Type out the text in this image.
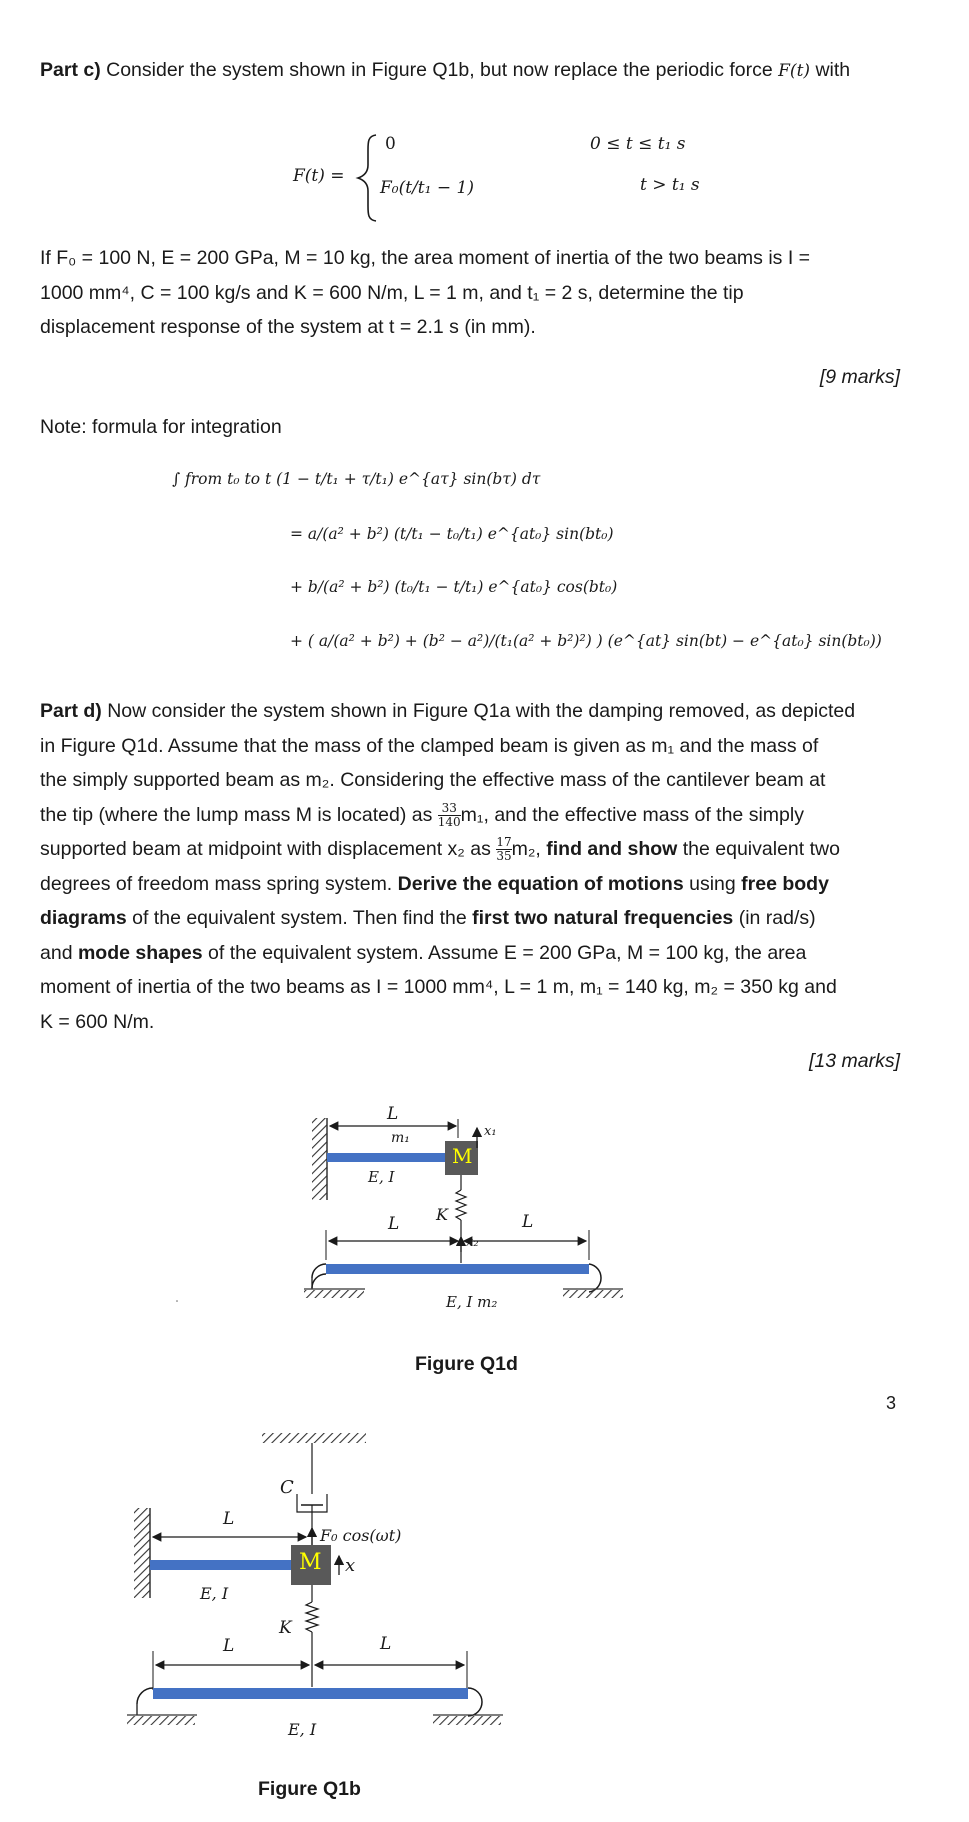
Part c) Consider the system shown in Figure Q1b, but now replace the periodic force F(t) with
F(t) =
0
F₀(t/t₁ − 1)
0 ≤ t ≤ t₁ s
t > t₁ s
If F₀ = 100 N, E = 200 GPa, M = 10 kg, the area moment of inertia of the two beams is I =
1000 mm⁴, C = 100 kg/s and K = 600 N/m, L = 1 m, and t₁ = 2 s, determine the tip
displacement response of the system at t = 2.1 s (in mm).
[9 marks]
Note: formula for integration
∫ from t₀ to t (1 − t/t₁ + τ/t₁) e^{aτ} sin(bτ) dτ
= a/(a² + b²) (t/t₁ − t₀/t₁) e^{at₀} sin(bt₀)
+ b/(a² + b²) (t₀/t₁ − t/t₁) e^{at₀} cos(bt₀)
+ ( a/(a² + b²) + (b² − a²)/(t₁(a² + b²)²) ) (e^{at} sin(bt) − e^{at₀} sin(bt₀))
Part d) Now consider the system shown in Figure Q1a with the damping removed, as depicted
in Figure Q1d. Assume that the mass of the clamped beam is given as m₁ and the mass of
the simply supported beam as m₂. Considering the effective mass of the cantilever beam at
the tip (where the lump mass M is located) as $\frac{33}{140} m_1$, and the effective mass of the simply
supported beam at midpoint with displacement x₂ as $\frac{17}{35} m_2$, find and show the equivalent two
degrees of freedom mass spring system. Derive the equation of motions using free body
diagrams of the equivalent system. Then find the first two natural frequencies (in rad/s)
and mode shapes of the equivalent system. Assume E = 200 GPa, M = 100 kg, the area
moment of inertia of the two beams as I = 1000 mm⁴, L = 1 m, m₁ = 140 kg, m₂ = 350 kg and
K = 600 N/m.
[13 marks]
L
m₁
M
x₁
E, I
K
L	L
x₂
E, I m₂
Figure Q1d
3
C
L
F₀ cos(ωt)
M x
E, I
K
L	L
E, I
Figure Q1b
